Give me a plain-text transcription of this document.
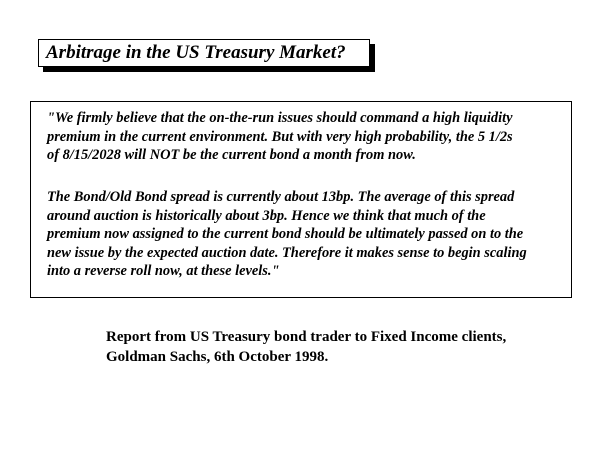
Arbitrage in the US Treasury Market?

"We firmly believe that the on-the-run issues should command a high liquidity
premium in the current environment. But with very high probability, the 5 1/2s
of 8/15/2028 will NOT be the current bond a month from now.

The Bond/Old Bond spread is currently about 13bp. The average of this spread
around auction is historically about 3bp. Hence we think that much of the
premium now assigned to the current bond should be ultimately passed on to the
new issue by the expected auction date. Therefore it makes sense to begin scaling
into a reverse roll now, at these levels."

Report from US Treasury bond trader to Fixed Income clients,
Goldman Sachs, 6th October 1998.
